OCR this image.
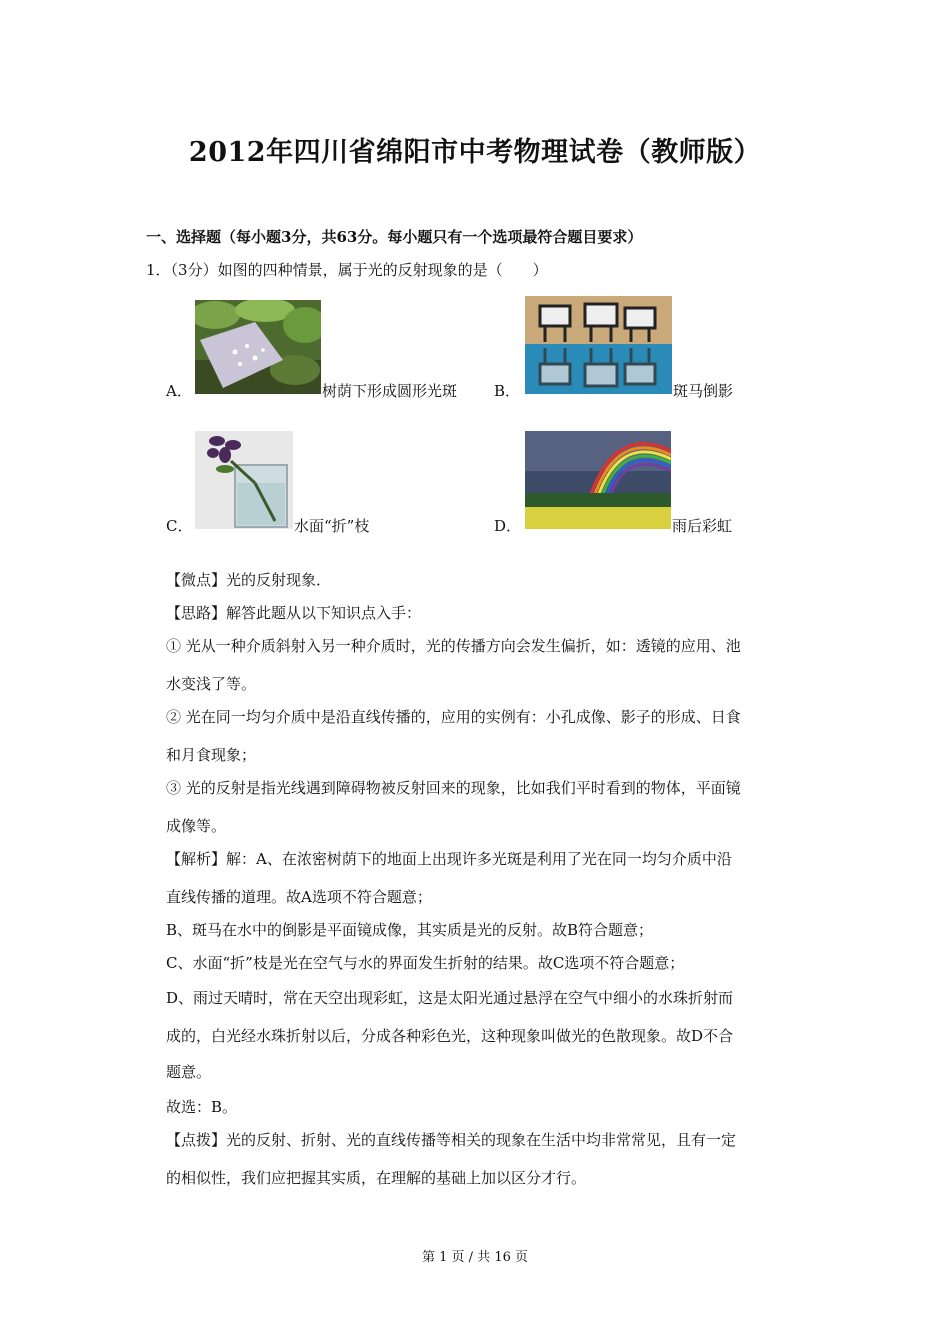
2012年四川省绵阳市中考物理试卷（教师版）
一、选择题（每小题3分，共63分。每小题只有一个选项最符合题目要求）
1．（3分）如图的四种情景，属于光的反射现象的是（　　）
A．	树荫下形成圆形光斑 B．	斑马倒影
C．	水面“折”枝	D．	雨后彩虹
【微点】光的反射现象．
【思路】解答此题从以下知识点入手：
① 光从一种介质斜射入另一种介质时，光的传播方向会发生偏折，如：透镜的应用、池
水变浅了等。
② 光在同一均匀介质中是沿直线传播的，应用的实例有：小孔成像、影子的形成、日食
和月食现象；
③ 光的反射是指光线遇到障碍物被反射回来的现象，比如我们平时看到的物体，平面镜
成像等。
【解析】解：A、在浓密树荫下的地面上出现许多光斑是利用了光在同一均匀介质中沿
直线传播的道理。故A选项不符合题意；
B、斑马在水中的倒影是平面镜成像，其实质是光的反射。故B符合题意；
C、水面“折”枝是光在空气与水的界面发生折射的结果。故C选项不符合题意；
D、雨过天晴时，常在天空出现彩虹，这是太阳光通过悬浮在空气中细小的水珠折射而
成的，白光经水珠折射以后，分成各种彩色光，这种现象叫做光的色散现象。故D不合
题意。
故选：B。
【点拨】光的反射、折射、光的直线传播等相关的现象在生活中均非常常见，且有一定
的相似性，我们应把握其实质，在理解的基础上加以区分才行。
第 1 页 / 共 16 页
